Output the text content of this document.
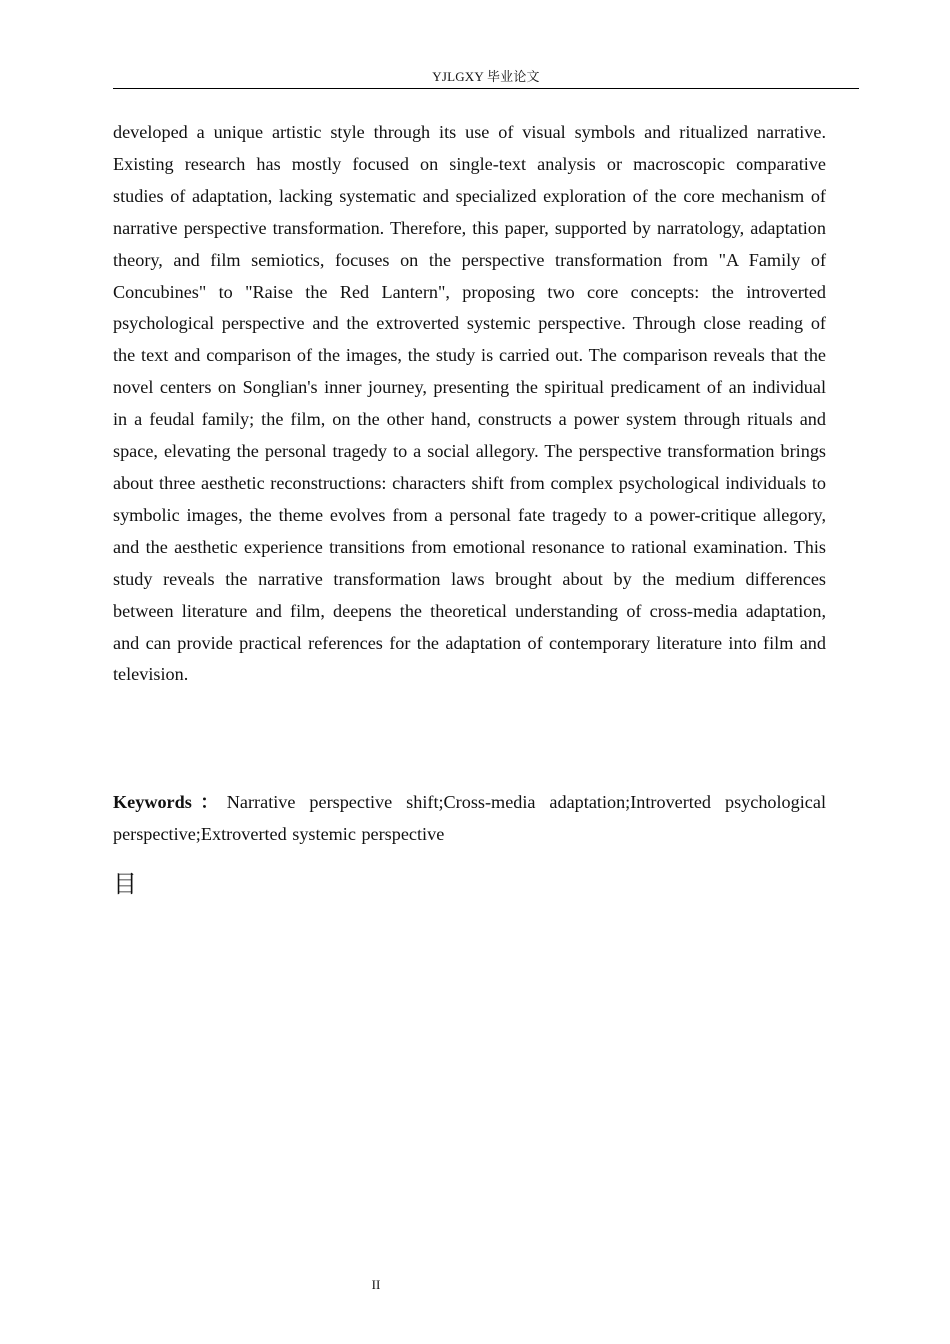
YJLGXY 毕业论文

developed a unique artistic style through its use of visual symbols and ritualized narrative. Existing research has mostly focused on single-text analysis or macroscopic comparative studies of adaptation, lacking systematic and specialized exploration of the core mechanism of narrative perspective transformation. Therefore, this paper, supported by narratology, adaptation theory, and film semiotics, focuses on the perspective transformation from "A Family of Concubines" to "Raise the Red Lantern", proposing two core concepts: the introverted psychological perspective and the extroverted systemic perspective. Through close reading of the text and comparison of the images, the study is carried out. The comparison reveals that the novel centers on Songlian's inner journey, presenting the spiritual predicament of an individual in a feudal family; the film, on the other hand, constructs a power system through rituals and space, elevating the personal tragedy to a social allegory. The perspective transformation brings about three aesthetic reconstructions: characters shift from complex psychological individuals to symbolic images, the theme evolves from a personal fate tragedy to a power-critique allegory, and the aesthetic experience transitions from emotional resonance to rational examination. This study reveals the narrative transformation laws brought about by the medium differences between literature and film, deepens the theoretical understanding of cross-media adaptation, and can provide practical references for the adaptation of contemporary literature into film and television.

Keywords：Narrative perspective shift;Cross-media adaptation;Introverted psychological perspective;Extroverted systemic perspective

目
II
